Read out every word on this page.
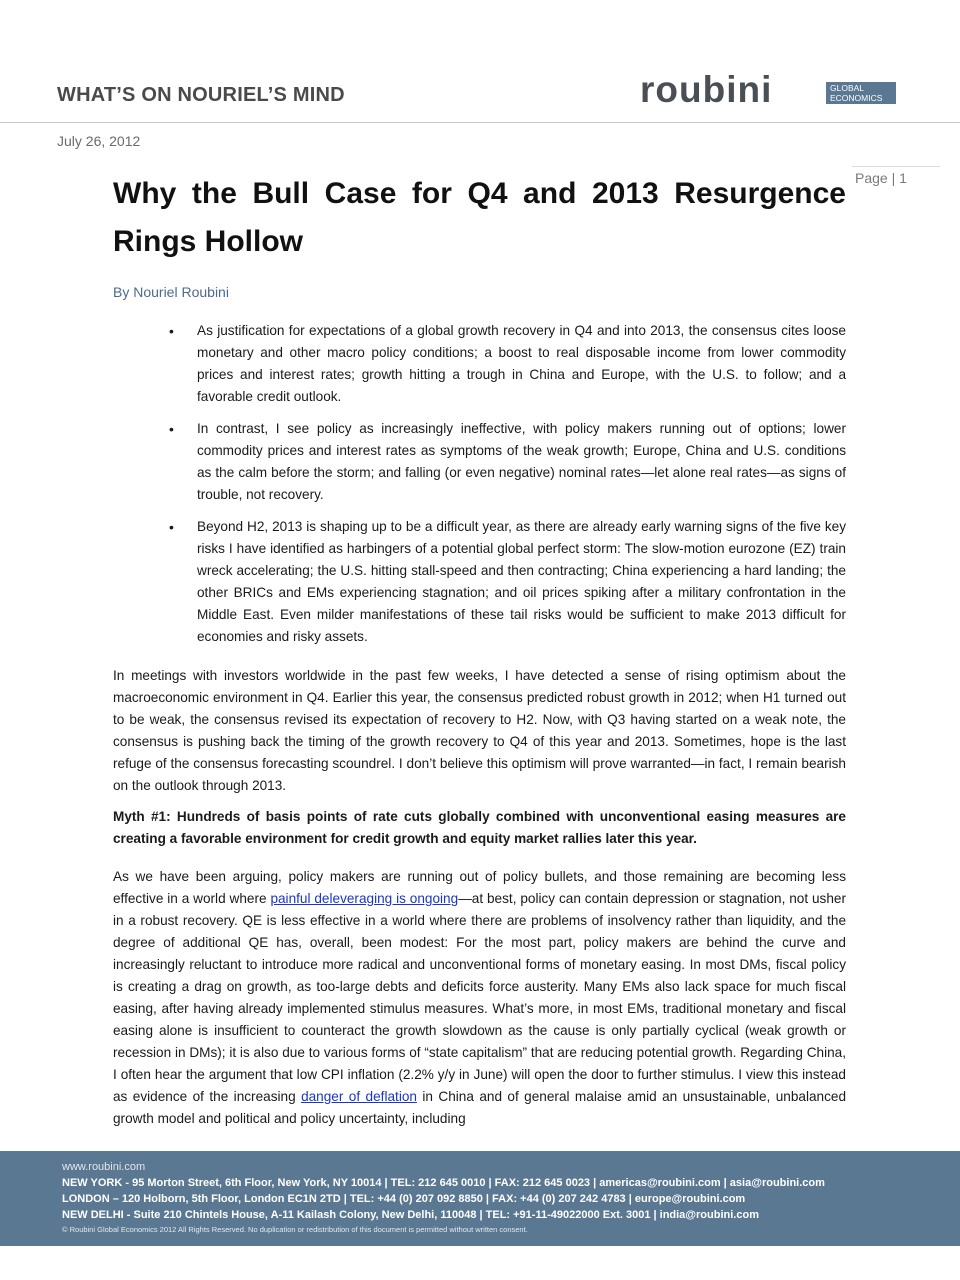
WHAT’S ON NOURIEL’S MIND	roubini	GLOBAL
ECONOMICS
July 26, 2012
Page | 1
Why the Bull Case for Q4 and 2013 Resurgence Rings Hollow
By Nouriel Roubini
• As justification for expectations of a global growth recovery in Q4 and into 2013, the consensus cites loose monetary and other macro policy conditions; a boost to real disposable income from lower commodity prices and interest rates; growth hitting a trough in China and Europe, with the U.S. to follow; and a favorable credit outlook.
• In contrast, I see policy as increasingly ineffective, with policy makers running out of options; lower commodity prices and interest rates as symptoms of the weak growth; Europe, China and U.S. conditions as the calm before the storm; and falling (or even negative) nominal rates—let alone real rates—as signs of trouble, not recovery.
• Beyond H2, 2013 is shaping up to be a difficult year, as there are already early warning signs of the five key risks I have identified as harbingers of a potential global perfect storm: The slow-motion eurozone (EZ) train wreck accelerating; the U.S. hitting stall-speed and then contracting; China experiencing a hard landing; the other BRICs and EMs experiencing stagnation; and oil prices spiking after a military confrontation in the Middle East. Even milder manifestations of these tail risks would be sufficient to make 2013 difficult for economies and risky assets.

In meetings with investors worldwide in the past few weeks, I have detected a sense of rising optimism about the macroeconomic environment in Q4. Earlier this year, the consensus predicted robust growth in 2012; when H1 turned out to be weak, the consensus revised its expectation of recovery to H2. Now, with Q3 having started on a weak note, the consensus is pushing back the timing of the growth recovery to Q4 of this year and 2013. Sometimes, hope is the last refuge of the consensus forecasting scoundrel. I don’t believe this optimism will prove warranted—in fact, I remain bearish on the outlook through 2013.

Myth #1: Hundreds of basis points of rate cuts globally combined with unconventional easing measures are creating a favorable environment for credit growth and equity market rallies later this year.

As we have been arguing, policy makers are running out of policy bullets, and those remaining are becoming less effective in a world where painful deleveraging is ongoing—at best, policy can contain depression or stagnation, not usher in a robust recovery. QE is less effective in a world where there are problems of insolvency rather than liquidity, and the degree of additional QE has, overall, been modest: For the most part, policy makers are behind the curve and increasingly reluctant to introduce more radical and unconventional forms of monetary easing. In most DMs, fiscal policy is creating a drag on growth, as too-large debts and deficits force austerity. Many EMs also lack space for much fiscal easing, after having already implemented stimulus measures. What’s more, in most EMs, traditional monetary and fiscal easing alone is insufficient to counteract the growth slowdown as the cause is only partially cyclical (weak growth or recession in DMs); it is also due to various forms of “state capitalism” that are reducing potential growth. Regarding China, I often hear the argument that low CPI inflation (2.2% y/y in June) will open the door to further stimulus. I view this instead as evidence of the increasing danger of deflation in China and of general malaise amid an unsustainable, unbalanced growth model and political and policy uncertainty, including

www.roubini.com
NEW YORK - 95 Morton Street, 6th Floor, New York, NY 10014 | TEL: 212 645 0010 | FAX: 212 645 0023 | americas@roubini.com | asia@roubini.com
LONDON – 120 Holborn, 5th Floor, London EC1N 2TD | TEL: +44 (0) 207 092 8850 | FAX: +44 (0) 207 242 4783 | europe@roubini.com
NEW DELHI - Suite 210 Chintels House, A-11 Kailash Colony, New Delhi, 110048 | TEL: +91-11-49022000 Ext. 3001 | india@roubini.com
© Roubini Global Economics 2012 All Rights Reserved. No duplication or redistribution of this document is permitted without written consent.
